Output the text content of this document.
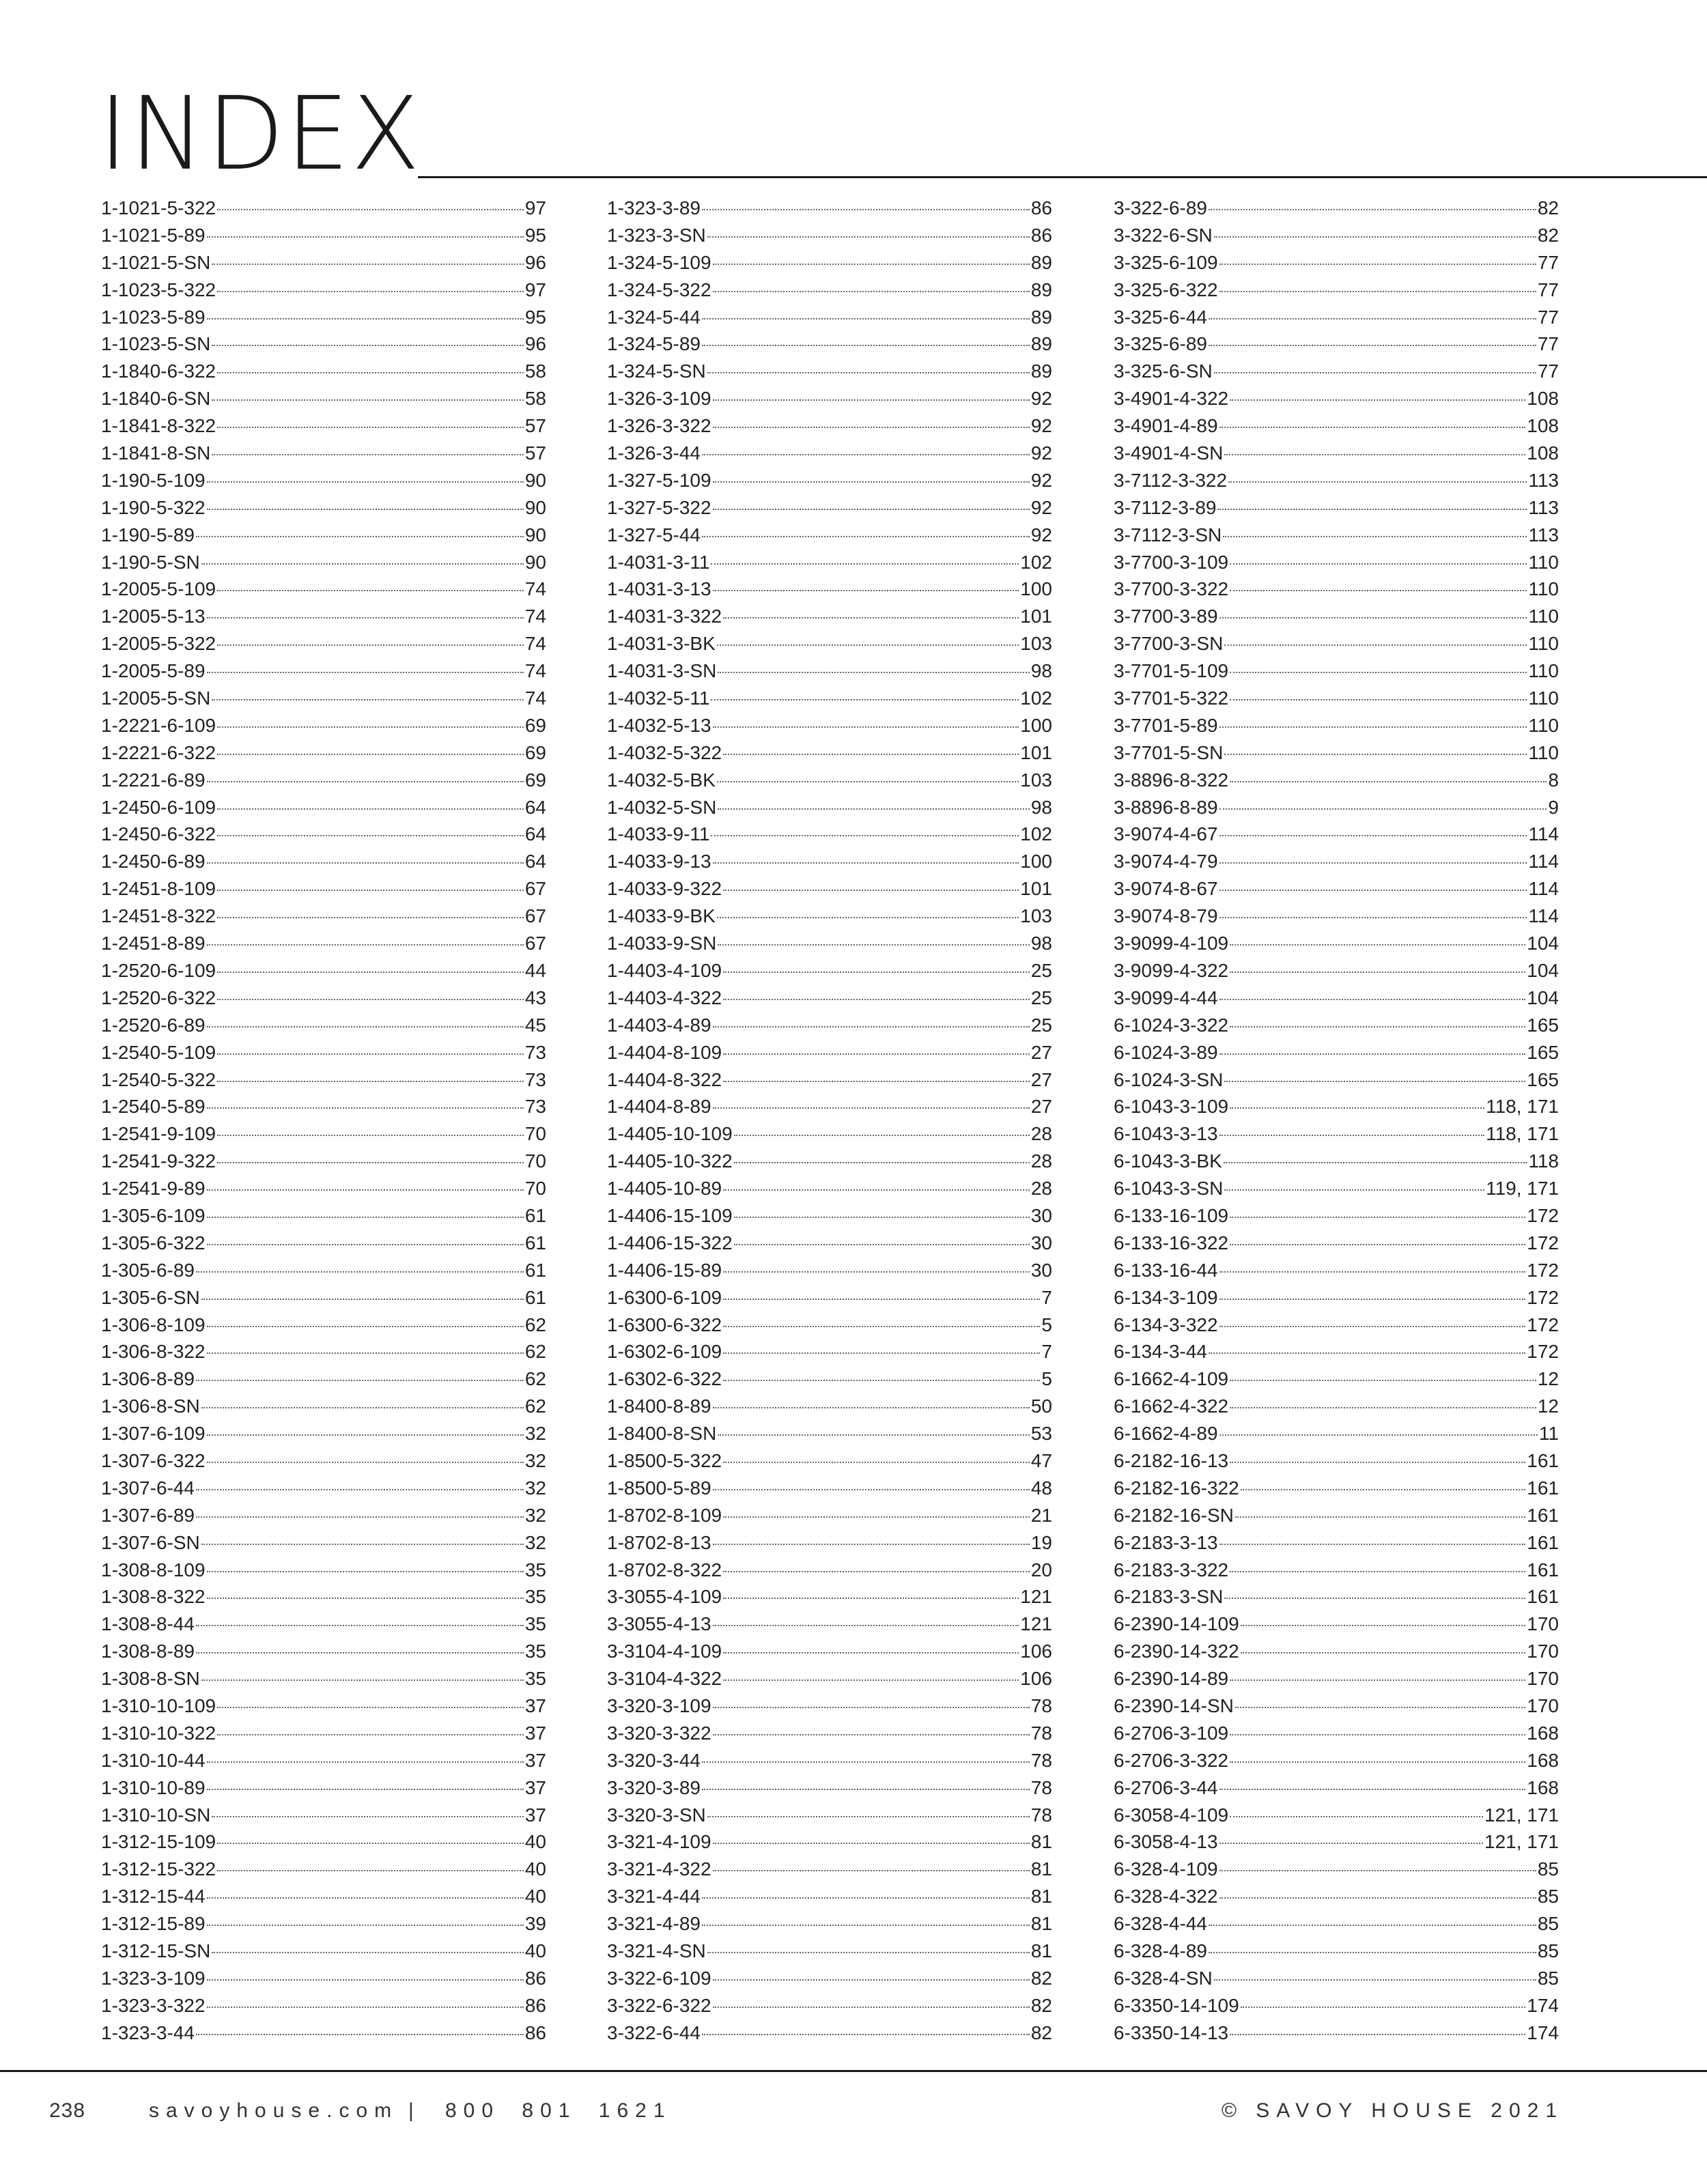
INDEX
1-1021-5-322	97
1-1021-5-89	95
1-1021-5-SN	96
1-1023-5-322	97
1-1023-5-89	95
1-1023-5-SN	96
1-1840-6-322	58
1-1840-6-SN	58
1-1841-8-322	57
1-1841-8-SN	57
1-190-5-109	90
1-190-5-322	90
1-190-5-89	90
1-190-5-SN	90
1-2005-5-109	74
1-2005-5-13	74
1-2005-5-322	74
1-2005-5-89	74
1-2005-5-SN	74
1-2221-6-109	69
1-2221-6-322	69
1-2221-6-89	69
1-2450-6-109	64
1-2450-6-322	64
1-2450-6-89	64
1-2451-8-109	67
1-2451-8-322	67
1-2451-8-89	67
1-2520-6-109	44
1-2520-6-322	43
1-2520-6-89	45
1-2540-5-109	73
1-2540-5-322	73
1-2540-5-89	73
1-2541-9-109	70
1-2541-9-322	70
1-2541-9-89	70
1-305-6-109	61
1-305-6-322	61
1-305-6-89	61
1-305-6-SN	61
1-306-8-109	62
1-306-8-322	62
1-306-8-89	62
1-306-8-SN	62
1-307-6-109	32
1-307-6-322	32
1-307-6-44	32
1-307-6-89	32
1-307-6-SN	32
1-308-8-109	35
1-308-8-322	35
1-308-8-44	35
1-308-8-89	35
1-308-8-SN	35
1-310-10-109	37
1-310-10-322	37
1-310-10-44	37
1-310-10-89	37
1-310-10-SN	37
1-312-15-109	40
1-312-15-322	40
1-312-15-44	40
1-312-15-89	39
1-312-15-SN	40
1-323-3-109	86
1-323-3-322	86
1-323-3-44	86
1-323-3-89	86
1-323-3-SN	86
1-324-5-109	89
1-324-5-322	89
1-324-5-44	89
1-324-5-89	89
1-324-5-SN	89
1-326-3-109	92
1-326-3-322	92
1-326-3-44	92
1-327-5-109	92
1-327-5-322	92
1-327-5-44	92
1-4031-3-11	102
1-4031-3-13	100
1-4031-3-322	101
1-4031-3-BK	103
1-4031-3-SN	98
1-4032-5-11	102
1-4032-5-13	100
1-4032-5-322	101
1-4032-5-BK	103
1-4032-5-SN	98
1-4033-9-11	102
1-4033-9-13	100
1-4033-9-322	101
1-4033-9-BK	103
1-4033-9-SN	98
1-4403-4-109	25
1-4403-4-322	25
1-4403-4-89	25
1-4404-8-109	27
1-4404-8-322	27
1-4404-8-89	27
1-4405-10-109	28
1-4405-10-322	28
1-4405-10-89	28
1-4406-15-109	30
1-4406-15-322	30
1-4406-15-89	30
1-6300-6-109	7
1-6300-6-322	5
1-6302-6-109	7
1-6302-6-322	5
1-8400-8-89	50
1-8400-8-SN	53
1-8500-5-322	47
1-8500-5-89	48
1-8702-8-109	21
1-8702-8-13	19
1-8702-8-322	20
3-3055-4-109	121
3-3055-4-13	121
3-3104-4-109	106
3-3104-4-322	106
3-320-3-109	78
3-320-3-322	78
3-320-3-44	78
3-320-3-89	78
3-320-3-SN	78
3-321-4-109	81
3-321-4-322	81
3-321-4-44	81
3-321-4-89	81
3-321-4-SN	81
3-322-6-109	82
3-322-6-322	82
3-322-6-44	82
3-322-6-89	82
3-322-6-SN	82
3-325-6-109	77
3-325-6-322	77
3-325-6-44	77
3-325-6-89	77
3-325-6-SN	77
3-4901-4-322	108
3-4901-4-89	108
3-4901-4-SN	108
3-7112-3-322	113
3-7112-3-89	113
3-7112-3-SN	113
3-7700-3-109	110
3-7700-3-322	110
3-7700-3-89	110
3-7700-3-SN	110
3-7701-5-109	110
3-7701-5-322	110
3-7701-5-89	110
3-7701-5-SN	110
3-8896-8-322	8
3-8896-8-89	9
3-9074-4-67	114
3-9074-4-79	114
3-9074-8-67	114
3-9074-8-79	114
3-9099-4-109	104
3-9099-4-322	104
3-9099-4-44	104
6-1024-3-322	165
6-1024-3-89	165
6-1024-3-SN	165
6-1043-3-109	118, 171
6-1043-3-13	118, 171
6-1043-3-BK	118
6-1043-3-SN	119, 171
6-133-16-109	172
6-133-16-322	172
6-133-16-44	172
6-134-3-109	172
6-134-3-322	172
6-134-3-44	172
6-1662-4-109	12
6-1662-4-322	12
6-1662-4-89	11
6-2182-16-13	161
6-2182-16-322	161
6-2182-16-SN	161
6-2183-3-13	161
6-2183-3-322	161
6-2183-3-SN	161
6-2390-14-109	170
6-2390-14-322	170
6-2390-14-89	170
6-2390-14-SN	170
6-2706-3-109	168
6-2706-3-322	168
6-2706-3-44	168
6-3058-4-109	121, 171
6-3058-4-13	121, 171
6-328-4-109	85
6-328-4-322	85
6-328-4-44	85
6-328-4-89	85
6-328-4-SN	85
6-3350-14-109	174
6-3350-14-13	174
238	savoyhouse.com | 800 801 1621	© SAVOY HOUSE 2021
